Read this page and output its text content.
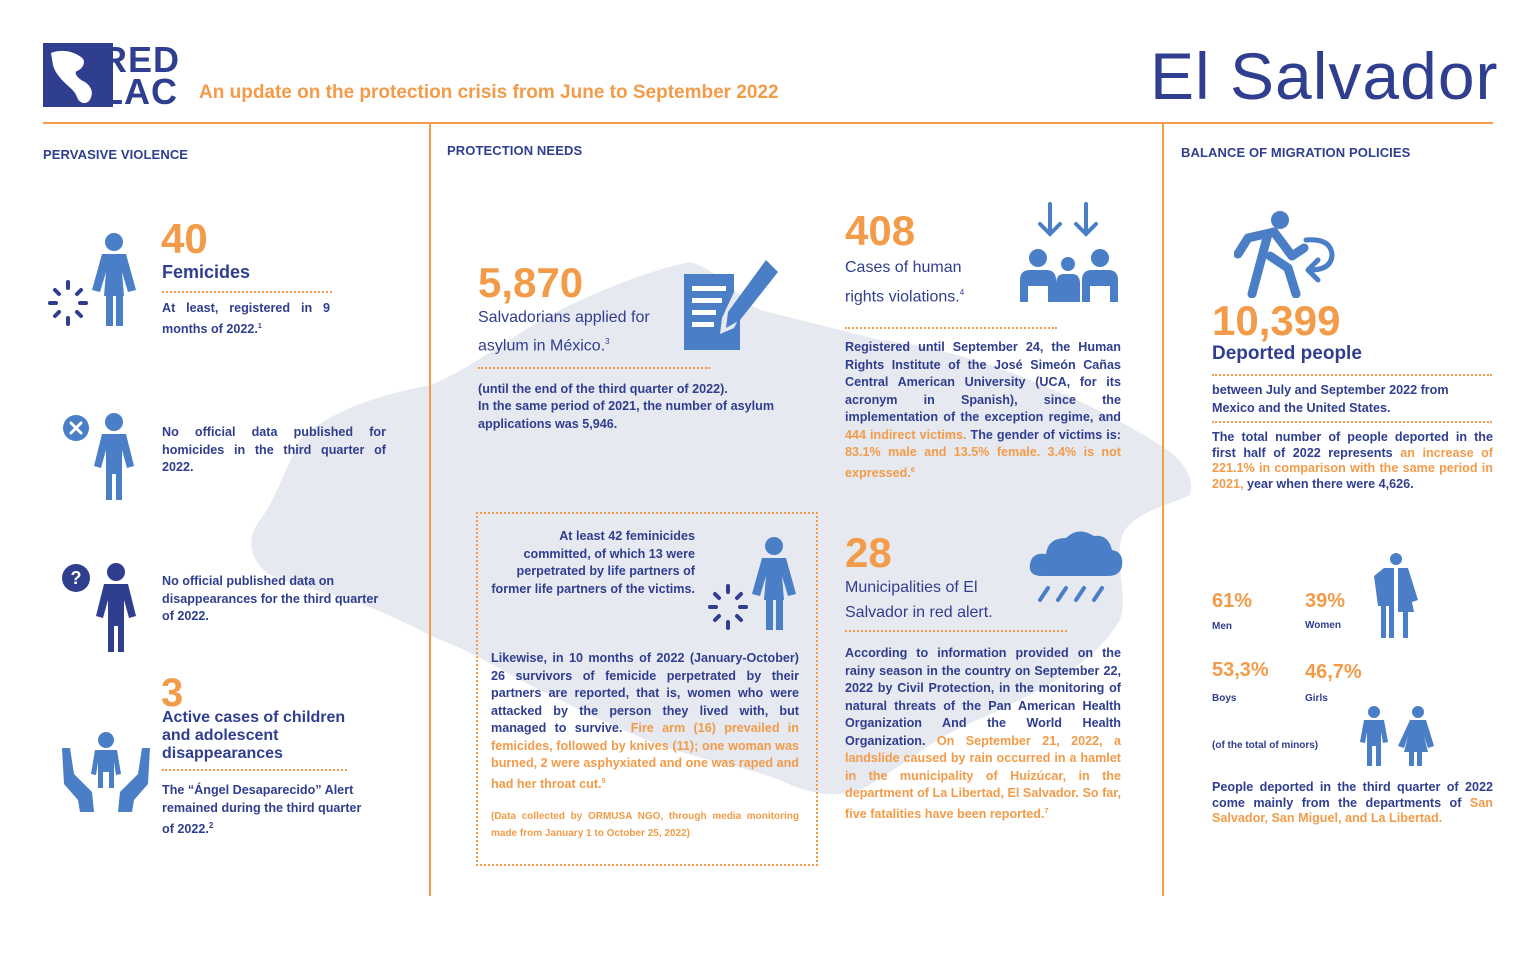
RED
LAC An update on the protection crisis from June to September 2022	El Salvador
PERVASIVE VIOLENCE
40
Femicides
At least, registered in 9 months of 2022.$^1$
No official data published for homicides in the third quarter of 2022.
?	No official published data on disappearances for the third quarter of 2022.
3
Active cases of children and adolescent disappearances
The “Ángel Desaparecido” Alert remained during the third quarter of 2022.$^2$
PROTECTION NEEDS
5,870
Salvadorians applied for asylum in México.$^3$
(until the end of the third quarter of 2022).
In the same period of 2021, the number of asylum applications was 5,946.
408
Cases of human rights violations.$^4$
Registered until September 24, the Human Rights Institute of the José Simeón Cañas Central American University (UCA, for its acronym in Spanish), since the implementation of the exception regime, and 444 indirect victims. The gender of victims is: 83.1% male and 13.5% female. 3.4% is not expressed.$^6$
At least 42 feminicides committed, of which 13 were perpetrated by life partners of former life partners of the victims.
Likewise, in 10 months of 2022 (January-October) 26 survivors of femicide perpetrated by their partners are reported, that is, women who were attacked by the person they lived with, but managed to survive. Fire arm (16) prevailed in femicides, followed by knives (11); one woman was burned, 2 were asphyxiated and one was raped and had her throat cut.$^5$
(Data collected by ORMUSA NGO, through media monitoring made from January 1 to October 25, 2022)
28
Municipalities of El Salvador in red alert.
According to information provided on the rainy season in the country on September 22, 2022 by Civil Protection, in the monitoring of natural threats of the Pan American Health Organization And the World Health Organization. On September 21, 2022, a landslide caused by rain occurred in a hamlet in the municipality of Huizúcar, in the department of La Libertad, El Salvador. So far, five fatalities have been reported.$^7$
BALANCE OF MIGRATION POLICIES
10,399
Deported people
between July and September 2022 from Mexico and the United States.
The total number of people deported in the first half of 2022 represents an increase of 221.1% in comparison with the same period in 2021, year when there were 4,626.
61%
Men
39%
Women
53,3%
Boys
46,7%
Girls
(of the total of minors)
People deported in the third quarter of 2022 come mainly from the departments of San Salvador, San Miguel, and La Libertad.
